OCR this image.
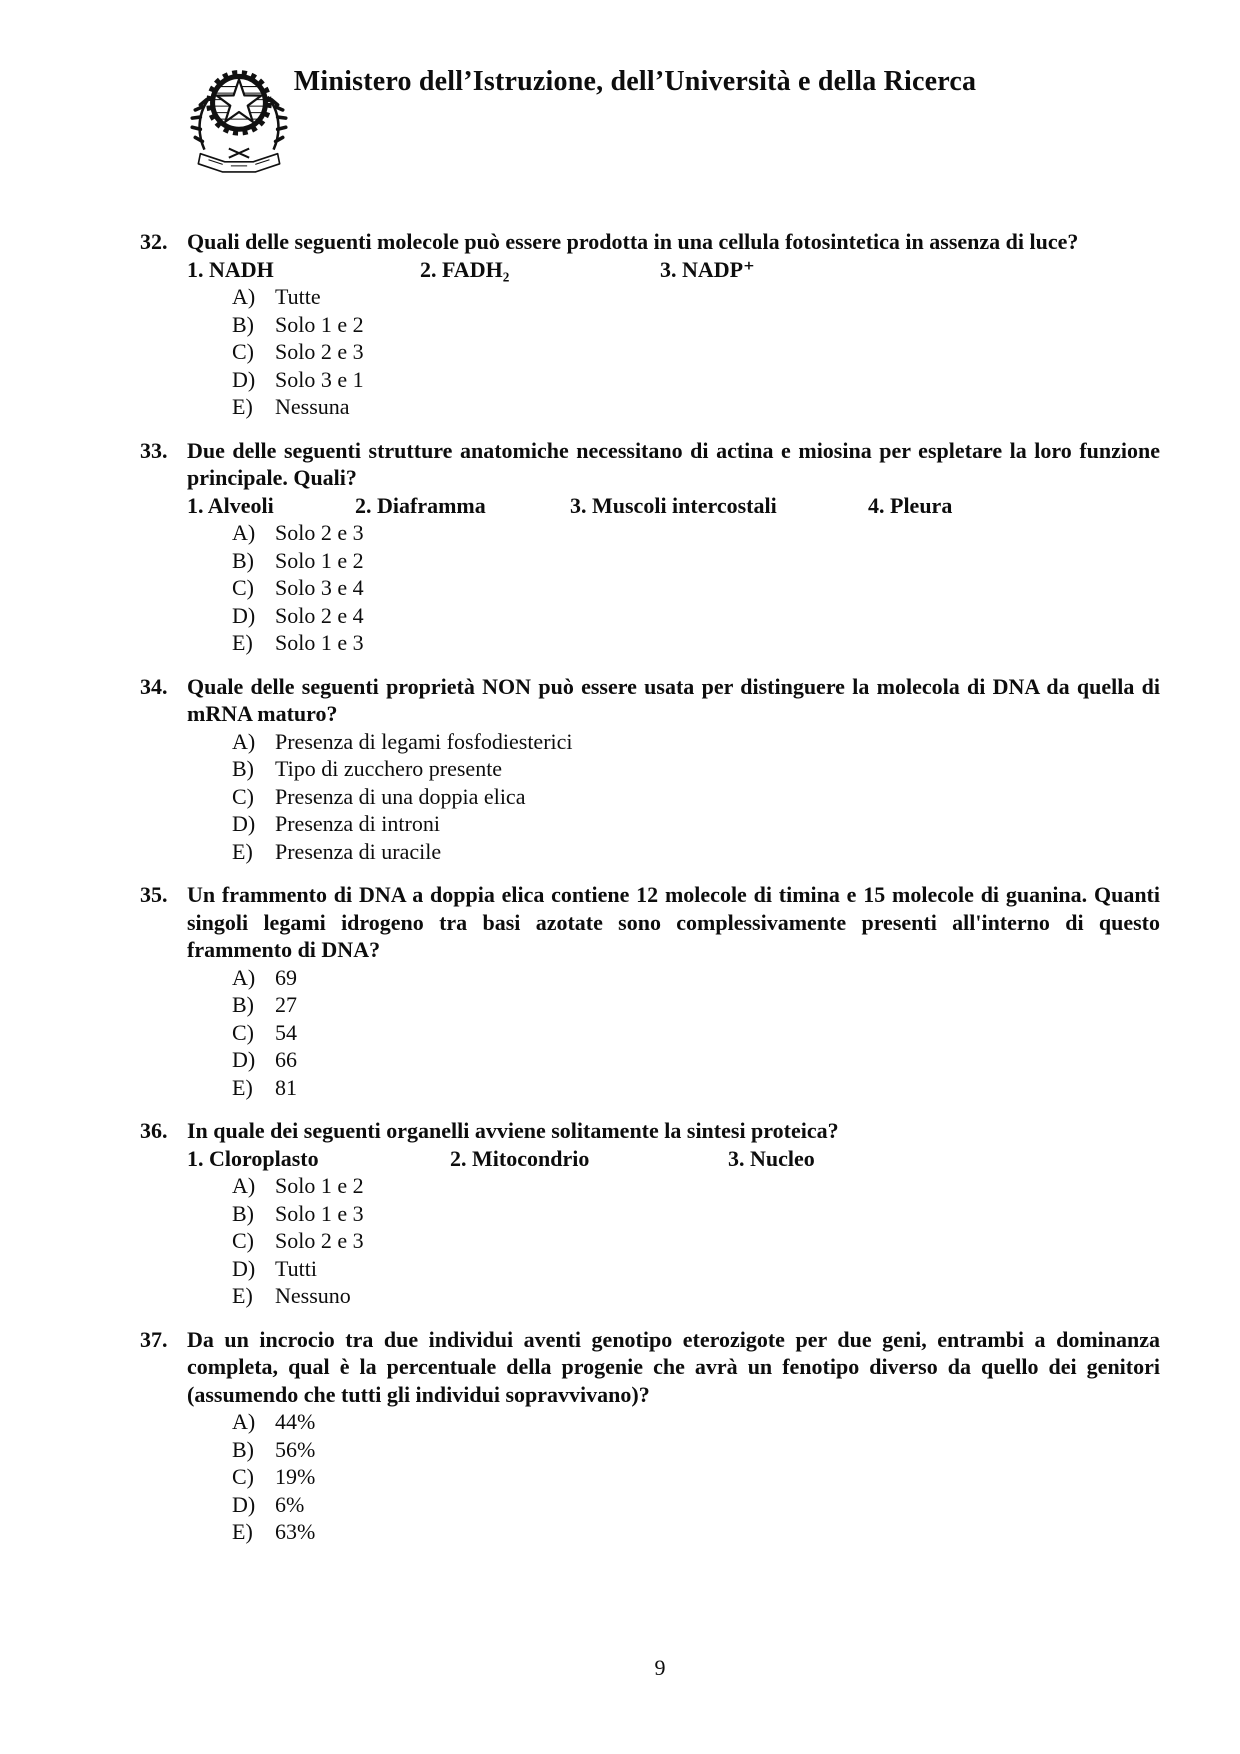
Ministero dell’Istruzione, dell’Università e della Ricerca
32. Quali delle seguenti molecole può essere prodotta in una cellula fotosintetica in assenza di luce?

1. NADH	2. FADH₂	3. NADP⁺
A) Tutte
B) Solo 1 e 2
C) Solo 2 e 3
D) Solo 3 e 1
E)	Nessuna
33. Due delle seguenti strutture anatomiche necessitano di actina e miosina per espletare la loro funzione principale. Quali?

1. Alveoli	2. Diaframma	3. Muscoli intercostali	4. Pleura
A) Solo 2 e 3
B) Solo 1 e 2
C) Solo 3 e 4
D) Solo 2 e 4
E)	Solo 1 e 3
34. Quale delle seguenti proprietà NON può essere usata per distinguere la molecola di DNA da quella di mRNA maturo?

A) Presenza di legami fosfodiesterici
B) Tipo di zucchero presente
C) Presenza di una doppia elica
D) Presenza di introni
E)	Presenza di uracile
35. Un frammento di DNA a doppia elica contiene 12 molecole di timina e 15 molecole di guanina. Quanti singoli legami idrogeno tra basi azotate sono complessivamente presenti all'interno di questo frammento di DNA?

A) 69
B) 27
C) 54
D) 66
E)	81
36. In quale dei seguenti organelli avviene solitamente la sintesi proteica?

1. Cloroplasto	2. Mitocondrio	3. Nucleo
A) Solo 1 e 2
B) Solo 1 e 3
C) Solo 2 e 3
D) Tutti
E)	Nessuno
37. Da un incrocio tra due individui aventi genotipo eterozigote per due geni, entrambi a dominanza completa, qual è la percentuale della progenie che avrà un fenotipo diverso da quello dei genitori (assumendo che tutti gli individui sopravvivano)?

A) 44%
B) 56%
C) 19%
D) 6%
E)	63%
9
